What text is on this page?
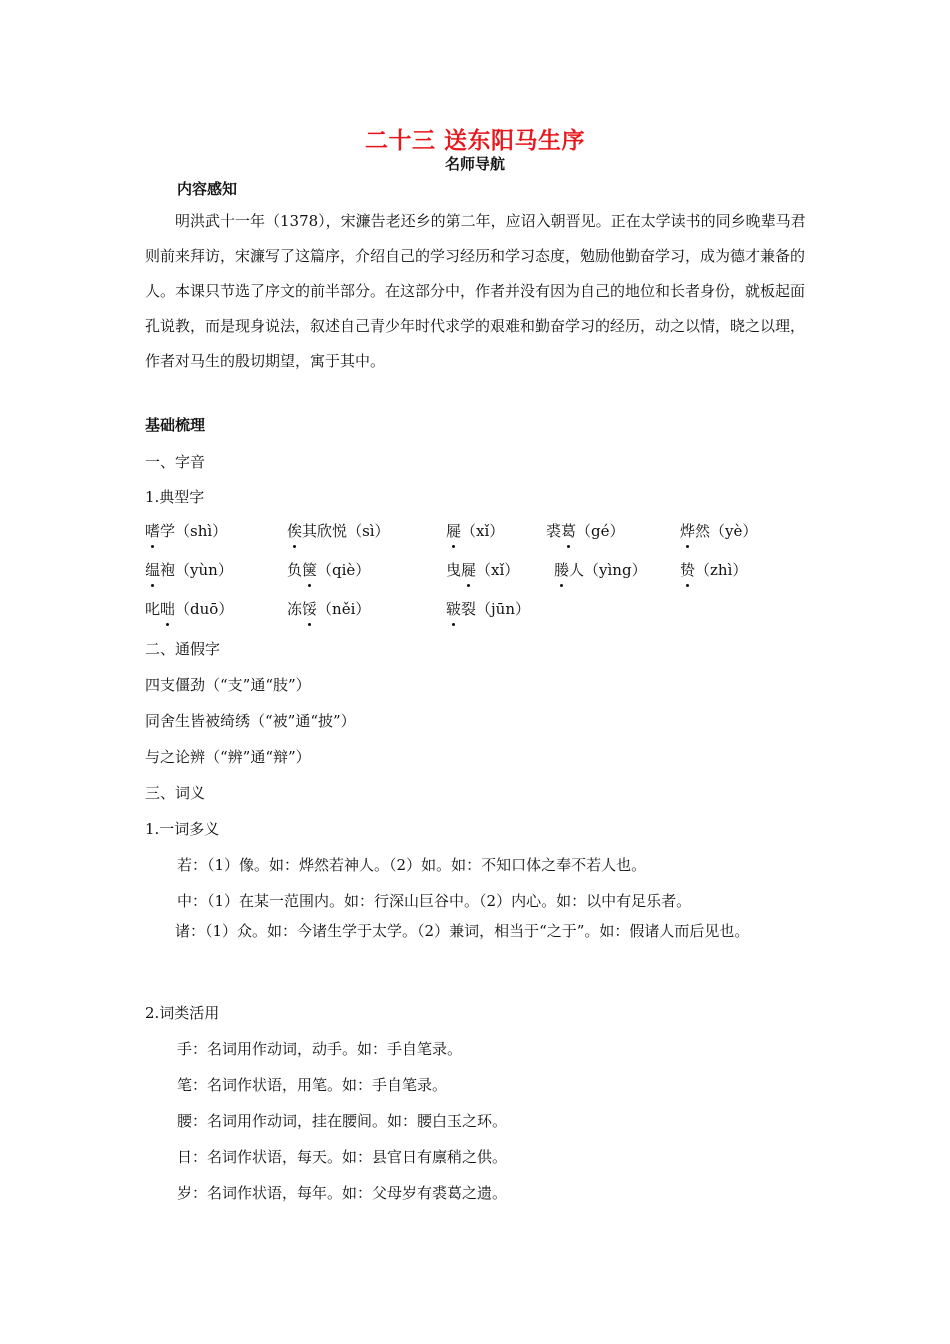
二十三 送东阳马生序
名师导航
内容感知

明洪武十一年（1378），宋濂告老还乡的第二年，应诏入朝晋见。正在太学读书的同乡晚辈马君则前来拜访，宋濂写了这篇序，介绍自己的学习经历和学习态度，勉励他勤奋学习，成为德才兼备的人。本课只节选了序文的前半部分。在这部分中，作者并没有因为自己的地位和长者身份，就板起面孔说教，而是现身说法，叙述自己青少年时代求学的艰难和勤奋学习的经历，动之以情，晓之以理，作者对马生的殷切期望，寓于其中。

基础梳理
一、字音
1.典型字
嗜学（shì）	俟其欣悦（sì）	屣（xǐ）	裘葛（gé）	烨然（yè）
缊袍（yùn）	负箧（qiè）	曳屣（xǐ） 媵人（yìng） 贽（zhì）
叱咄（duō）	冻馁（něi）	皲裂（jūn）
二、通假字
四支僵劲（“支”通“肢”）
同舍生皆被绮绣（“被”通“披”）
与之论辨（“辨”通“辩”）
三、词义
1.一词多义
若：（1）像。如：烨然若神人。（2）如。如：不知口体之奉不若人也。
中：（1）在某一范围内。如：行深山巨谷中。（2）内心。如：以中有足乐者。

诸：（1）众。如：今诸生学于太学。（2）兼词，相当于“之于”。如：假诸人而后见也。

2.词类活用
手：名词用作动词，动手。如：手自笔录。
笔：名词作状语，用笔。如：手自笔录。
腰：名词用作动词，挂在腰间。如：腰白玉之环。
日：名词作状语，每天。如：县官日有廪稍之供。
岁：名词作状语，每年。如：父母岁有裘葛之遗。
